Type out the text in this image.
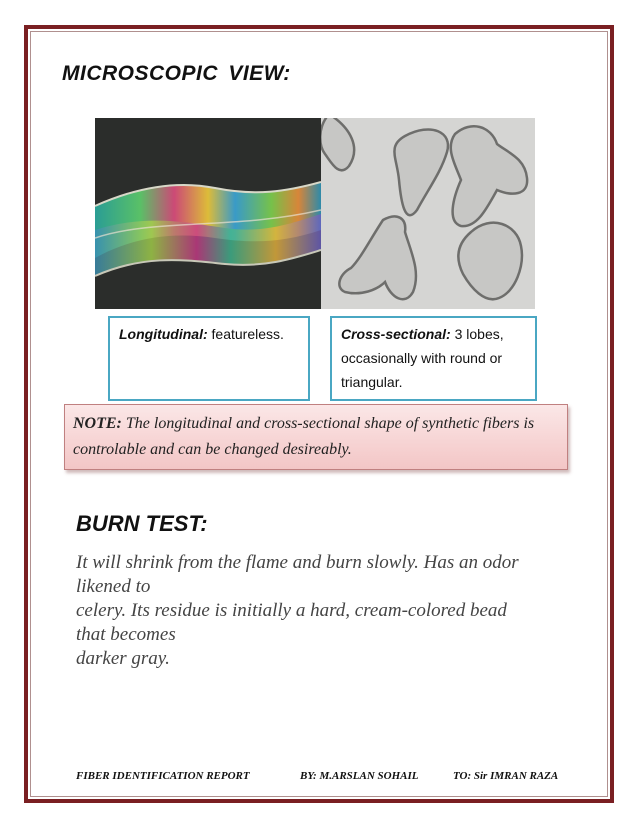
MICROSCOPIC VIEW:
Longitudinal: featureless.	Cross-sectional: 3 lobes, occasionally with round or triangular.
NOTE: The longitudinal and cross-sectional shape of synthetic fibers is controlable and can be changed desireably.
BURN TEST:

It will shrink from the flame and burn slowly. Has an odor
likened to
celery. Its residue is initially a hard, cream-colored bead
that becomes
darker gray.

FIBER IDENTIFICATION REPORT	BY: M.ARSLAN SOHAIL	TO: Sir IMRAN RAZA
